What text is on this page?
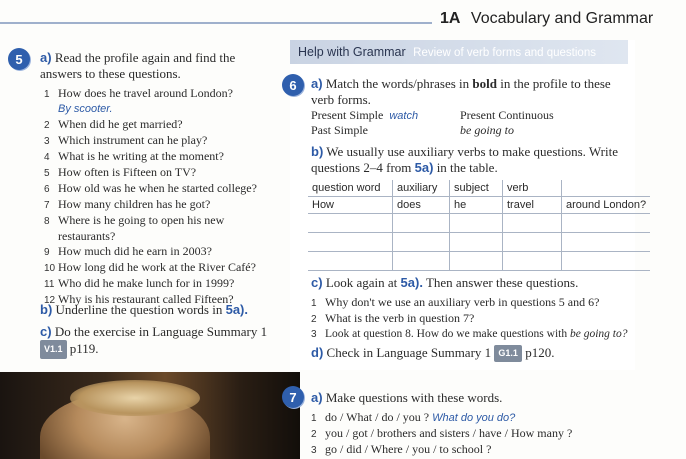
1A Vocabulary and Grammar
5	a) Read the profile again and find the
answers to these questions.
1 How does he travel around London?
By scooter.
2 When did he get married?
3 Which instrument can he play?
4 What is he writing at the moment?
5 How often is Fifteen on TV?
6 How old was he when he started college?
7 How many children has he got?
8 Where is he going to open his new
restaurants?
9 How much did he earn in 2003?
10 How long did he work at the River Café?
11 Who did he make lunch for in 1999?
12 Why is his restaurant called Fifteen?
b) Underline the question words in 5a).
c) Do the exercise in Language Summary 1
V1.1 p119.
Help with Grammar Review of verb forms and questions
6	a) Match the words/phrases in bold in the profile to these
verb forms.
Present Simple watch	Present Continuous
Past Simple	be going to
b) We usually use auxiliary verbs to make questions. Write
questions 2–4 from 5a) in the table.
question word	auxiliary	subject	verb	
How	does	he	travel	around London?

c) Look again at 5a). Then answer these questions.
1 Why don't we use an auxiliary verb in questions 5 and 6?
2 What is the verb in question 7?
3 Look at question 8. How do we make questions with be going to?
d) Check in Language Summary 1 G1.1 p120.
7	a) Make questions with these words.
1 do / What / do / you ? What do you do?
2 you / got / brothers and sisters / have / How many ?
3 go / did / Where / you / to school ?
